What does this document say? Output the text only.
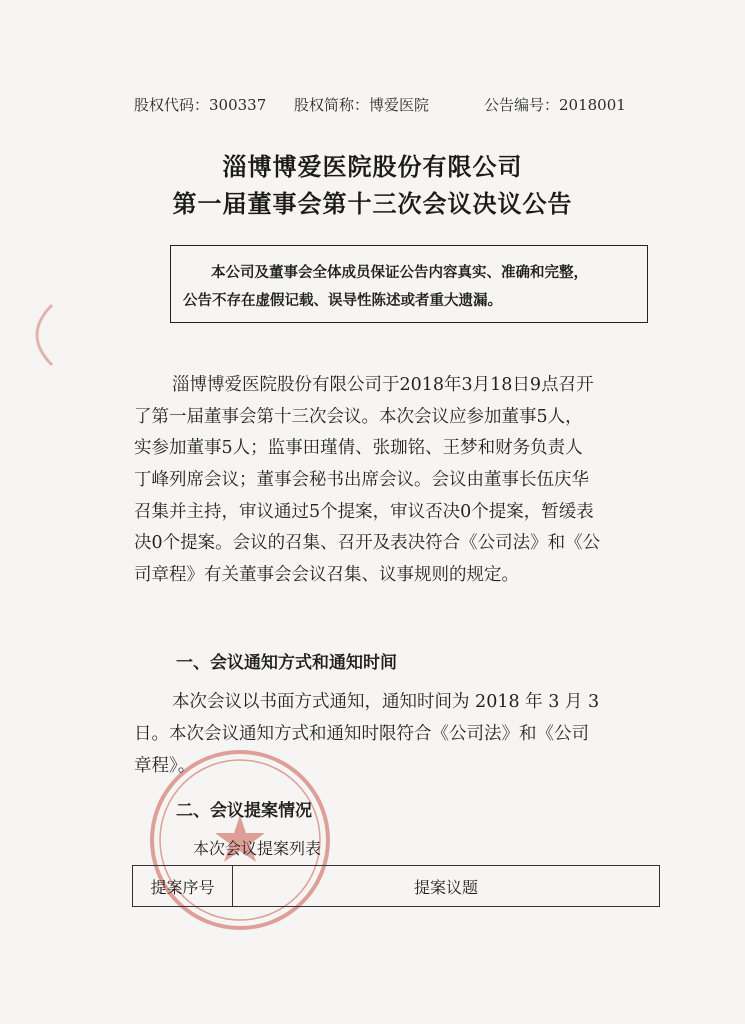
股权代码：300337 股权简称：博爱医院	公告编号：2018001
淄博博爱医院股份有限公司
第一届董事会第十三次会议决议公告
本公司及董事会全体成员保证公告内容真实、准确和完整，
公告不存在虚假记载、误导性陈述或者重大遗漏。
淄博博爱医院股份有限公司于2018年3月18日9点召开
了第一届董事会第十三次会议。本次会议应参加董事5人，
实参加董事5人；监事田瑾倩、张珈铭、王梦和财务负责人
丁峰列席会议；董事会秘书出席会议。会议由董事长伍庆华
召集并主持，审议通过5个提案，审议否决0个提案，暂缓表
决0个提案。会议的召集、召开及表决符合《公司法》和《公
司章程》有关董事会会议召集、议事规则的规定。
一、会议通知方式和通知时间
本次会议以书面方式通知，通知时间为 2018 年 3 月 3
日。本次会议通知方式和通知时限符合《公司法》和《公司
章程》。
二、会议提案情况
本次会议提案列表
提案序号	提案议题
